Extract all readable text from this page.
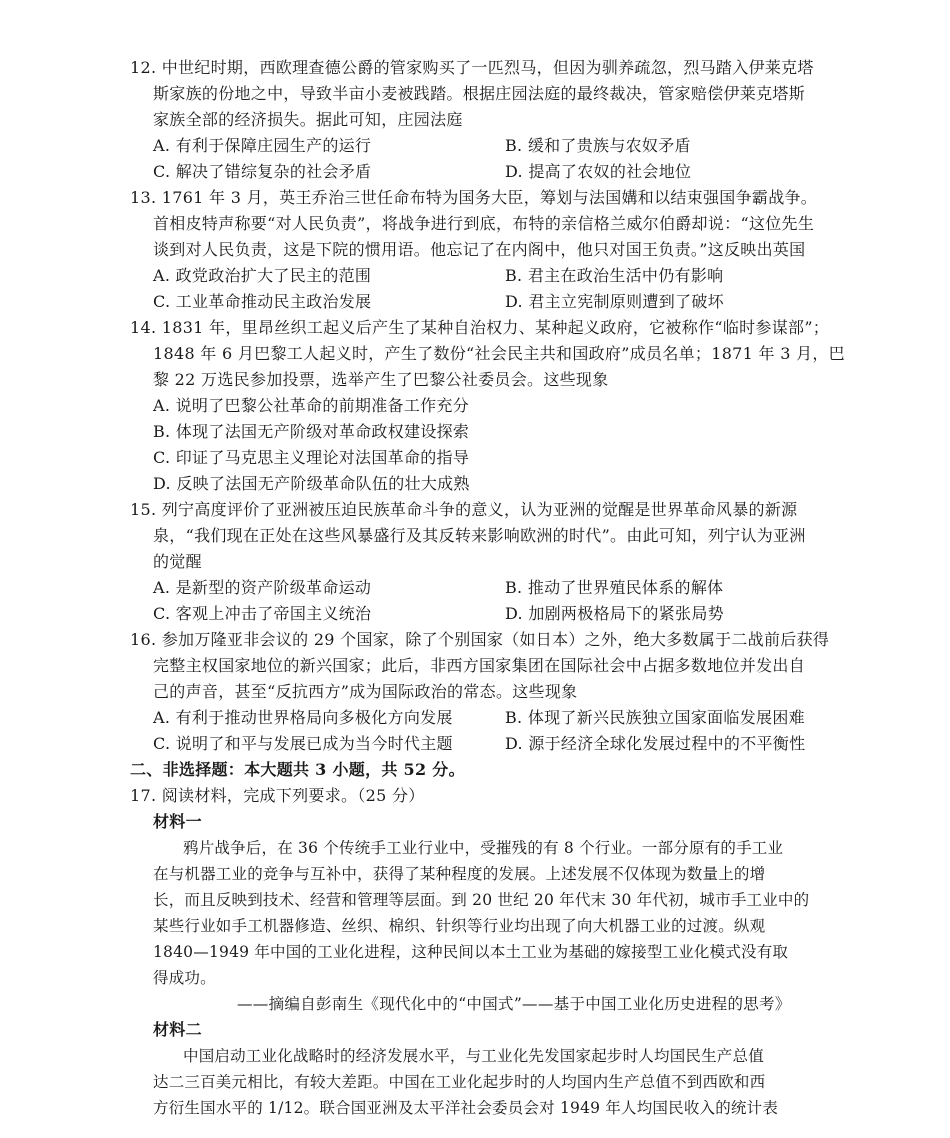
12. 中世纪时期，西欧理查德公爵的管家购买了一匹烈马，但因为驯养疏忽，烈马踏入伊莱克塔
斯家族的份地之中，导致半亩小麦被践踏。根据庄园法庭的最终裁决，管家赔偿伊莱克塔斯
家族全部的经济损失。据此可知，庄园法庭
A. 有利于保障庄园生产的运行	B. 缓和了贵族与农奴矛盾
C. 解决了错综复杂的社会矛盾	D. 提高了农奴的社会地位
13. 1761 年 3 月，英王乔治三世任命布特为国务大臣，筹划与法国媾和以结束强国争霸战争。
首相皮特声称要“对人民负责”，将战争进行到底，布特的亲信格兰威尔伯爵却说：“这位先生
谈到对人民负责，这是下院的惯用语。他忘记了在内阁中，他只对国王负责。”这反映出英国
A. 政党政治扩大了民主的范围	B. 君主在政治生活中仍有影响
C. 工业革命推动民主政治发展	D. 君主立宪制原则遭到了破坏
14. 1831 年，里昂丝织工起义后产生了某种自治权力、某种起义政府，它被称作“临时参谋部”；
1848 年 6 月巴黎工人起义时，产生了数份“社会民主共和国政府”成员名单；1871 年 3 月，巴
黎 22 万选民参加投票，选举产生了巴黎公社委员会。这些现象
A. 说明了巴黎公社革命的前期准备工作充分
B. 体现了法国无产阶级对革命政权建设探索
C. 印证了马克思主义理论对法国革命的指导
D. 反映了法国无产阶级革命队伍的壮大成熟
15. 列宁高度评价了亚洲被压迫民族革命斗争的意义，认为亚洲的觉醒是世界革命风暴的新源
泉，“我们现在正处在这些风暴盛行及其反转来影响欧洲的时代”。由此可知，列宁认为亚洲
的觉醒
A. 是新型的资产阶级革命运动	B. 推动了世界殖民体系的解体
C. 客观上冲击了帝国主义统治	D. 加剧两极格局下的紧张局势
16. 参加万隆亚非会议的 29 个国家，除了个别国家（如日本）之外，绝大多数属于二战前后获得
完整主权国家地位的新兴国家；此后，非西方国家集团在国际社会中占据多数地位并发出自
己的声音，甚至“反抗西方”成为国际政治的常态。这些现象
A. 有利于推动世界格局向多极化方向发展	B. 体现了新兴民族独立国家面临发展困难
C. 说明了和平与发展已成为当今时代主题	D. 源于经济全球化发展过程中的不平衡性
二、非选择题：本大题共 3 小题，共 52 分。
17. 阅读材料，完成下列要求。（25 分）
材料一
鸦片战争后，在 36 个传统手工业行业中，受摧残的有 8 个行业。一部分原有的手工业
在与机器工业的竞争与互补中，获得了某种程度的发展。上述发展不仅体现为数量上的增
长，而且反映到技术、经营和管理等层面。到 20 世纪 20 年代末 30 年代初，城市手工业中的
某些行业如手工机器修造、丝织、棉织、针织等行业均出现了向大机器工业的过渡。纵观
1840—1949 年中国的工业化进程，这种民间以本土工业为基础的嫁接型工业化模式没有取
得成功。
——摘编自彭南生《现代化中的“中国式”——基于中国工业化历史进程的思考》
材料二
中国启动工业化战略时的经济发展水平，与工业化先发国家起步时人均国民生产总值
达二三百美元相比，有较大差距。中国在工业化起步时的人均国内生产总值不到西欧和西
方衍生国水平的 1/12。联合国亚洲及太平洋社会委员会对 1949 年人均国民收入的统计表
